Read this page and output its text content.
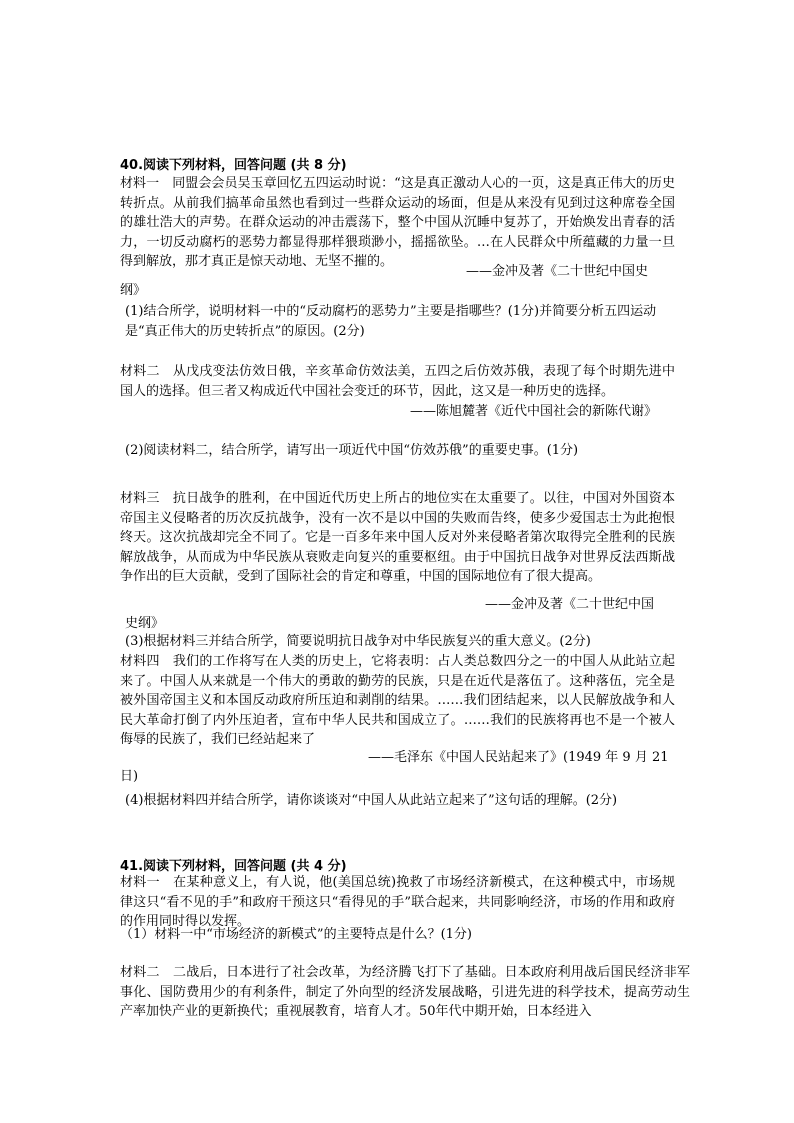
40.阅读下列材料，回答问题 (共 8 分)
材料一　同盟会会员吴玉章回忆五四运动时说：“这是真正激动人心的一页，这是真正伟大的历史转折点。从前我们搞革命虽然也看到过一些群众运动的场面，但是从来没有见到过这种席卷全国的雄壮浩大的声势。在群众运动的冲击震荡下，整个中国从沉睡中复苏了，开始焕发出青春的活力，一切反动腐朽的恶势力都显得那样猥琐渺小，摇摇欲坠。…在人民群众中所蕴藏的力量一旦得到解放，那才真正是惊天动地、无坚不摧的。
——金冲及著《二十世纪中国史
纲》
(1)结合所学，说明材料一中的“反动腐朽的恶势力”主要是指哪些？(1分)并简要分析五四运动是“真正伟大的历史转折点”的原因。(2分)
材料二　从戊戌变法仿效日俄，辛亥革命仿效法美，五四之后仿效苏俄，表现了每个时期先进中国人的选择。但三者又构成近代中国社会变迁的环节，因此，这又是一种历史的选择。
——陈旭麓著《近代中国社会的新陈代谢》
(2)阅读材料二，结合所学，请写出一项近代中国“仿效苏俄”的重要史事。(1分)
材料三　抗日战争的胜利，在中国近代历史上所占的地位实在太重要了。以往，中国对外国资本帝国主义侵略者的历次反抗战争，没有一次不是以中国的失败而告终，使多少爱国志士为此抱恨终天。这次抗战却完全不同了。它是一百多年来中国人反对外来侵略者第次取得完全胜利的民族解放战争，从而成为中华民族从衰败走向复兴的重要枢纽。由于中国抗日战争对世界反法西斯战争作出的巨大贡献，受到了国际社会的肯定和尊重，中国的国际地位有了很大提高。
——金冲及著《二十世纪中国
史纲》
(3)根据材料三并结合所学，简要说明抗日战争对中华民族复兴的重大意义。(2分)
材料四　我们的工作将写在人类的历史上，它将表明：占人类总数四分之一的中国人从此站立起来了。中国人从来就是一个伟大的勇敢的勤劳的民族，只是在近代是落伍了。这种落伍，完全是被外国帝国主义和本国反动政府所压迫和剥削的结果。……我们团结起来，以人民解放战争和人民大革命打倒了内外压迫者，宣布中华人民共和国成立了。……我们的民族将再也不是一个被人侮辱的民族了，我们已经站起来了
——毛泽东《中国人民站起来了》(1949 年 9 月 21
日)
(4)根据材料四并结合所学，请你谈谈对“中国人从此站立起来了”这句话的理解。(2分)
41.阅读下列材料，回答问题 (共 4 分)
材料一　在某种意义上，有人说，他(美国总统)挽救了市场经济新模式，在这种模式中，市场规律这只“看不见的手”和政府干预这只“看得见的手”联合起来，共同影响经济，市场的作用和政府的作用同时得以发挥。
（1）材料一中“市场经济的新模式”的主要特点是什么？(1分)
材料二　二战后，日本进行了社会改革，为经济腾飞打下了基础。日本政府利用战后国民经济非军事化、国防费用少的有利条件，制定了外向型的经济发展战略，引进先进的科学技术，提高劳动生产率加快产业的更新换代；重视展教育，培育人才。50年代中期开始，日本经进入
